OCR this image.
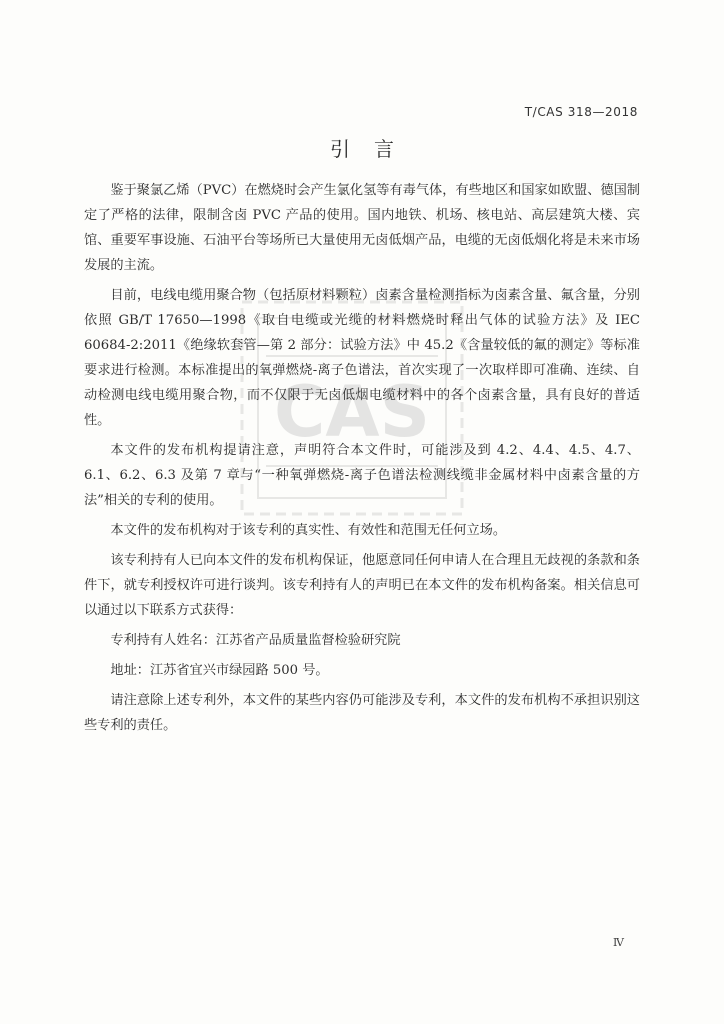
T/CAS 318—2018
引言

鉴于聚氯乙烯（PVC）在燃烧时会产生氯化氢等有毒气体，有些地区和国家如欧盟、德国制定了严格的法律，限制含卤 PVC 产品的使用。国内地铁、机场、核电站、高层建筑大楼、宾馆、重要军事设施、石油平台等场所已大量使用无卤低烟产品，电缆的无卤低烟化将是未来市场发展的主流。

目前，电线电缆用聚合物（包括原材料颗粒）卤素含量检测指标为卤素含量、氟含量，分别依照 GB/T 17650—1998《取自电缆或光缆的材料燃烧时释出气体的试验方法》及 IEC 60684-2:2011《绝缘软套管—第 2 部分：试验方法》中 45.2《含量较低的氟的测定》等标准要求进行检测。本标准提出的氧弹燃烧-离子色谱法，首次实现了一次取样即可准确、连续、自动检测电线电缆用聚合物，而不仅限于无卤低烟电缆材料中的各个卤素含量，具有良好的普适性。

本文件的发布机构提请注意，声明符合本文件时，可能涉及到 4.2、4.4、4.5、4.7、6.1、6.2、6.3 及第 7 章与“一种氧弹燃烧-离子色谱法检测线缆非金属材料中卤素含量的方法”相关的专利的使用。

本文件的发布机构对于该专利的真实性、有效性和范围无任何立场。

该专利持有人已向本文件的发布机构保证，他愿意同任何申请人在合理且无歧视的条款和条件下，就专利授权许可进行谈判。该专利持有人的声明已在本文件的发布机构备案。相关信息可以通过以下联系方式获得：

专利持有人姓名：江苏省产品质量监督检验研究院

地址：江苏省宜兴市绿园路 500 号。

请注意除上述专利外，本文件的某些内容仍可能涉及专利，本文件的发布机构不承担识别这些专利的责任。

CAS
Ⅳ
